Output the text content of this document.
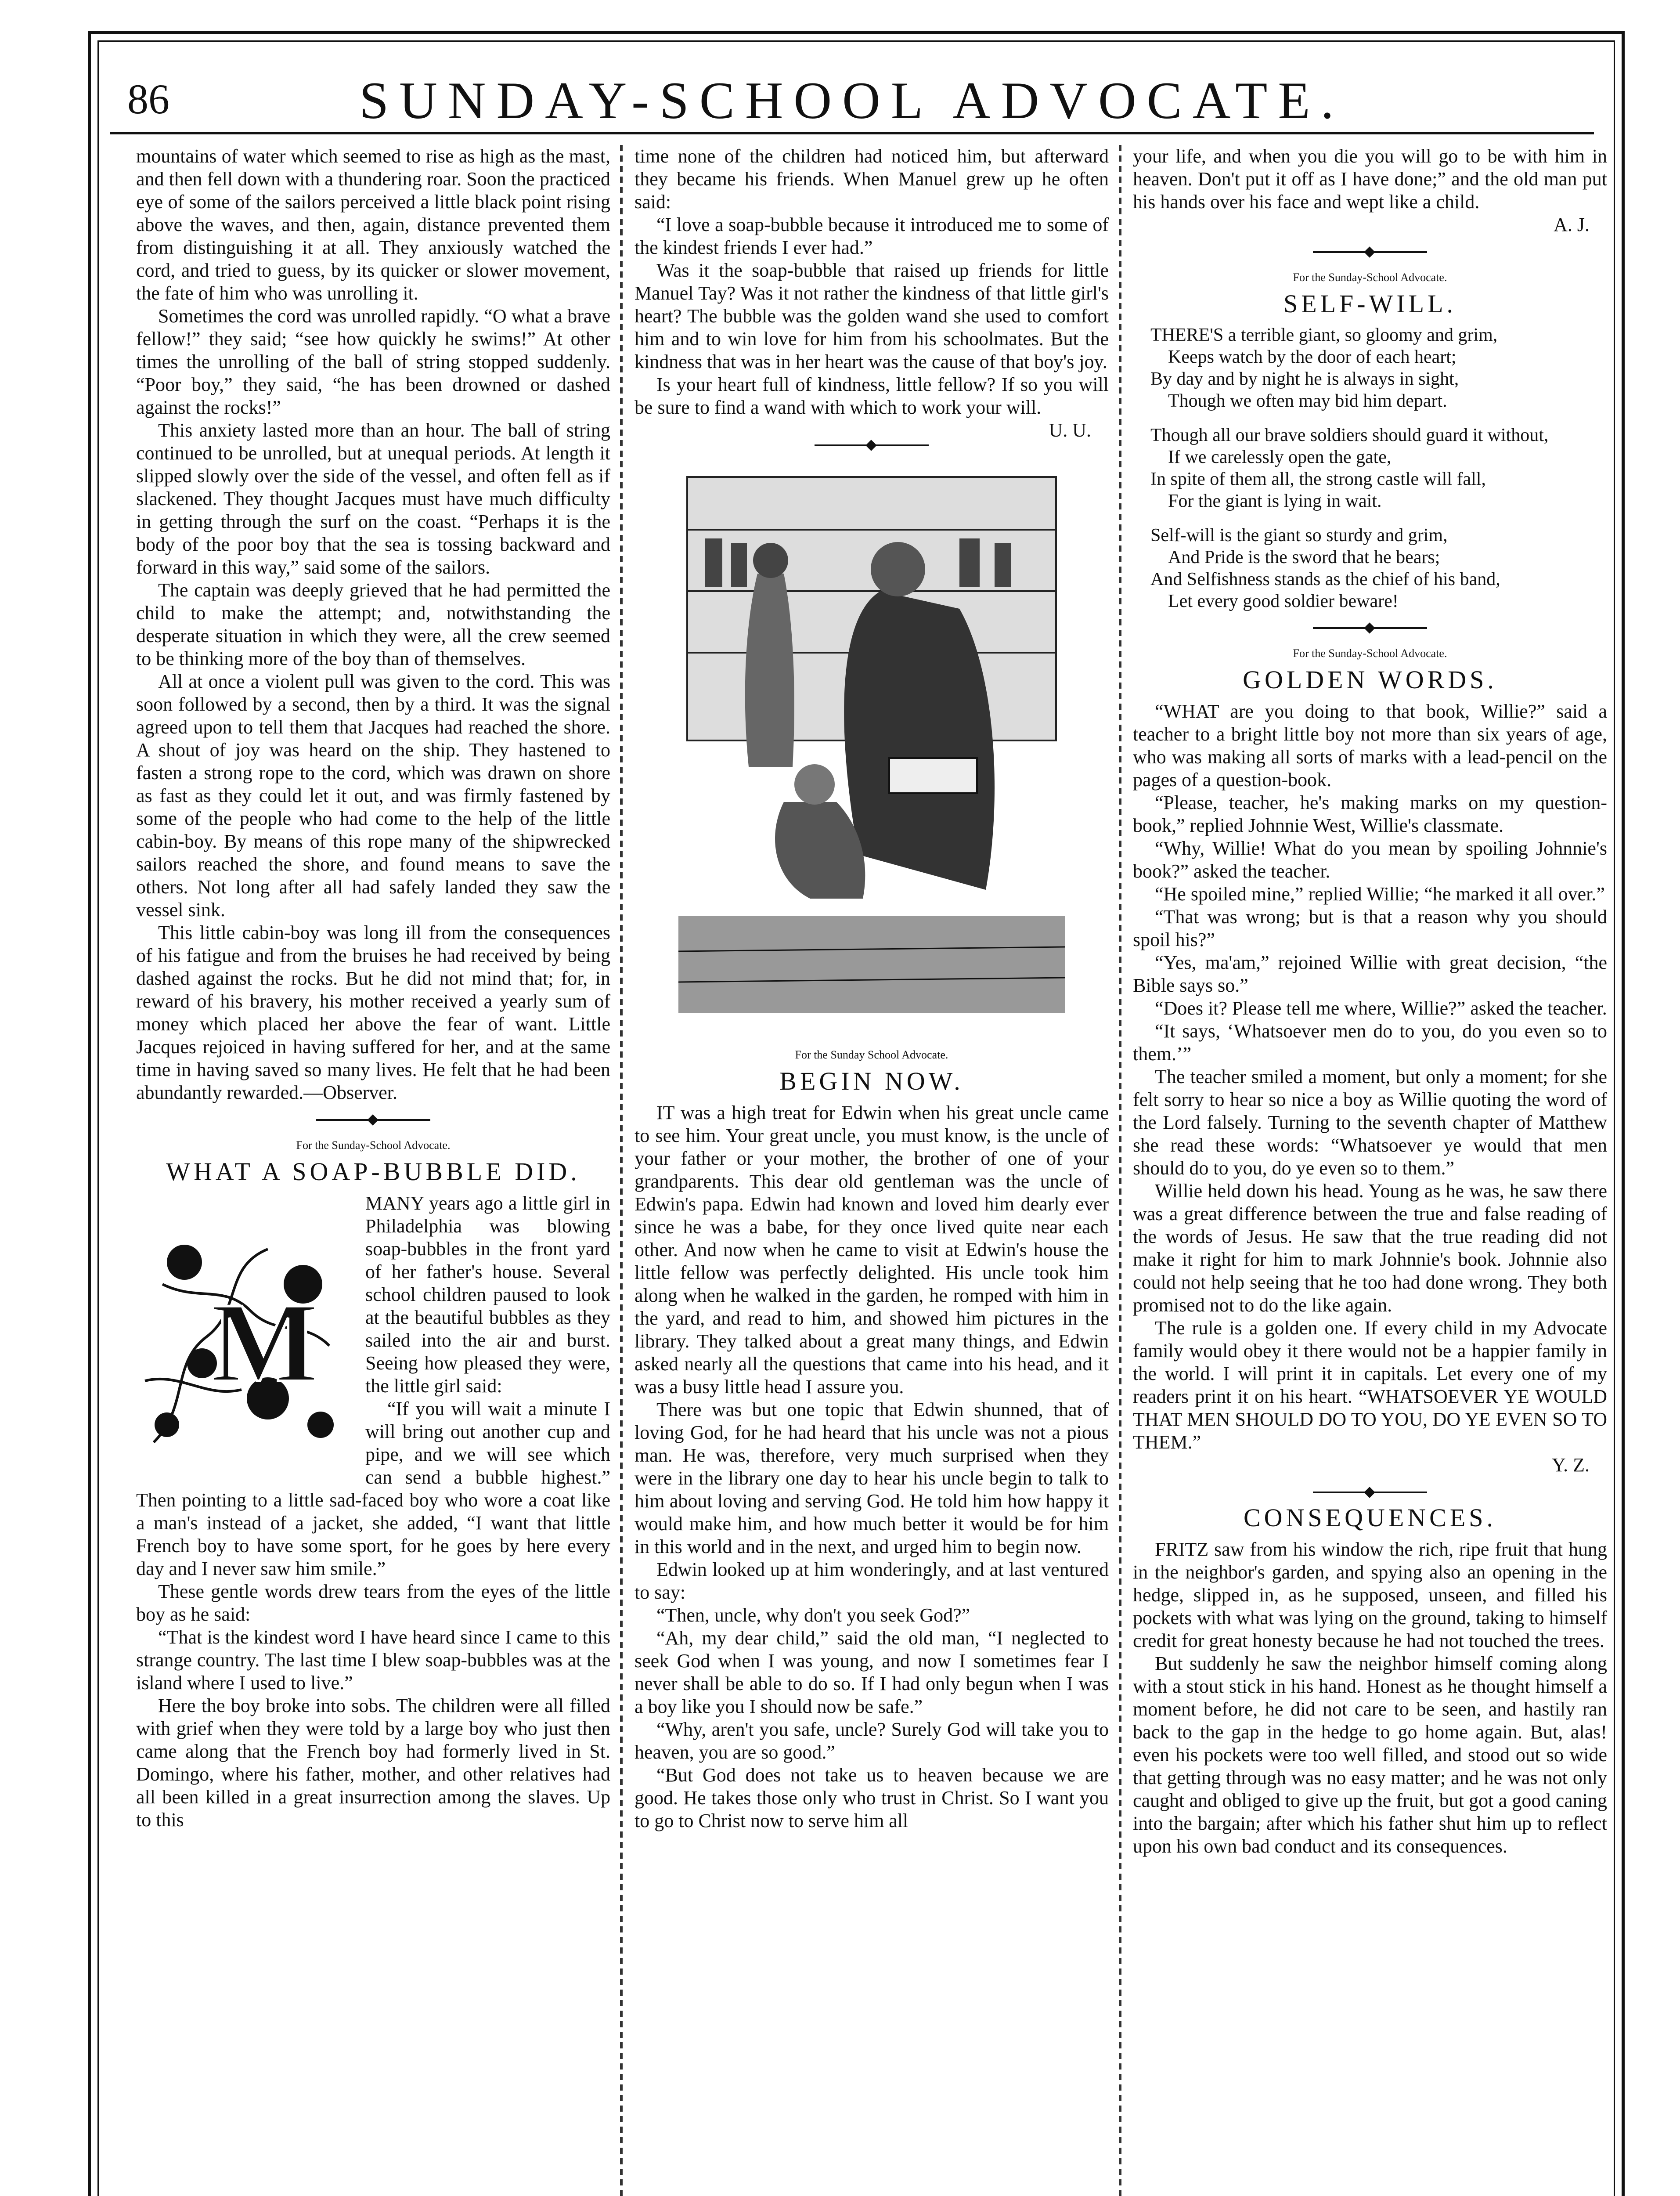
86	SUNDAY-SCHOOL ADVOCATE.

mountains of water which seemed to rise as high as the mast, and then fell down with a thundering roar. Soon the practiced eye of some of the sailors perceived a little black point rising above the waves, and then, again, distance prevented them from distinguishing it at all. They anxiously watched the cord, and tried to guess, by its quicker or slower movement, the fate of him who was unrolling it.

Sometimes the cord was unrolled rapidly. “O what a brave fellow!” they said; “see how quickly he swims!” At other times the unrolling of the ball of string stopped suddenly. “Poor boy,” they said, “he has been drowned or dashed against the rocks!”

This anxiety lasted more than an hour. The ball of string continued to be unrolled, but at unequal periods. At length it slipped slowly over the side of the vessel, and often fell as if slackened. They thought Jacques must have much difficulty in getting through the surf on the coast. “Perhaps it is the body of the poor boy that the sea is tossing backward and forward in this way,” said some of the sailors.

The captain was deeply grieved that he had permitted the child to make the attempt; and, notwithstanding the desperate situation in which they were, all the crew seemed to be thinking more of the boy than of themselves.

All at once a violent pull was given to the cord. This was soon followed by a second, then by a third. It was the signal agreed upon to tell them that Jacques had reached the shore. A shout of joy was heard on the ship. They hastened to fasten a strong rope to the cord, which was drawn on shore as fast as they could let it out, and was firmly fastened by some of the people who had come to the help of the little cabin-boy. By means of this rope many of the shipwrecked sailors reached the shore, and found means to save the others. Not long after all had safely landed they saw the vessel sink.

This little cabin-boy was long ill from the consequences of his fatigue and from the bruises he had received by being dashed against the rocks. But he did not mind that; for, in reward of his bravery, his mother received a yearly sum of money which placed her above the fear of want. Little Jacques rejoiced in having suffered for her, and at the same time in having saved so many lives. He felt that he had been abundantly rewarded.—Observer.

For the Sunday-School Advocate.
WHAT A SOAP-BUBBLE DID.
M

MANY years ago a little girl in Philadelphia was blowing soap-bubbles in the front yard of her father's house. Several school children paused to look at the beautiful bubbles as they sailed into the air and burst. Seeing how pleased they were, the little girl said:

“If you will wait a minute I will bring out another cup and pipe, and we will see which can send a bubble highest.” Then pointing to a little sad-faced boy who wore a coat like a man's instead of a jacket, she added, “I want that little French boy to have some sport, for he goes by here every day and I never saw him smile.”

These gentle words drew tears from the eyes of the little boy as he said:

“That is the kindest word I have heard since I came to this strange country. The last time I blew soap-bubbles was at the island where I used to live.”

Here the boy broke into sobs. The children were all filled with grief when they were told by a large boy who just then came along that the French boy had formerly lived in St. Domingo, where his father, mother, and other relatives had all been killed in a great insurrection among the slaves. Up to this

time none of the children had noticed him, but afterward they became his friends. When Manuel grew up he often said:

“I love a soap-bubble because it introduced me to some of the kindest friends I ever had.”

Was it the soap-bubble that raised up friends for little Manuel Tay? Was it not rather the kindness of that little girl's heart? The bubble was the golden wand she used to comfort him and to win love for him from his schoolmates. But the kindness that was in her heart was the cause of that boy's joy.

Is your heart full of kindness, little fellow? If so you will be sure to find a wand with which to work your will.

U. U.
For the Sunday School Advocate.
BEGIN NOW.

IT was a high treat for Edwin when his great uncle came to see him. Your great uncle, you must know, is the uncle of your father or your mother, the brother of one of your grandparents. This dear old gentleman was the uncle of Edwin's papa. Edwin had known and loved him dearly ever since he was a babe, for they once lived quite near each other. And now when he came to visit at Edwin's house the little fellow was perfectly delighted. His uncle took him along when he walked in the garden, he romped with him in the yard, and read to him, and showed him pictures in the library. They talked about a great many things, and Edwin asked nearly all the questions that came into his head, and it was a busy little head I assure you.

There was but one topic that Edwin shunned, that of loving God, for he had heard that his uncle was not a pious man. He was, therefore, very much surprised when they were in the library one day to hear his uncle begin to talk to him about loving and serving God. He told him how happy it would make him, and how much better it would be for him in this world and in the next, and urged him to begin now.

Edwin looked up at him wonderingly, and at last ventured to say:

“Then, uncle, why don't you seek God?”

“Ah, my dear child,” said the old man, “I neglected to seek God when I was young, and now I sometimes fear I never shall be able to do so. If I had only begun when I was a boy like you I should now be safe.”

“Why, aren't you safe, uncle? Surely God will take you to heaven, you are so good.”

“But God does not take us to heaven because we are good. He takes those only who trust in Christ. So I want you to go to Christ now to serve him all

your life, and when you die you will go to be with him in heaven. Don't put it off as I have done;” and the old man put his hands over his face and wept like a child.

A. J.
For the Sunday-School Advocate.
SELF-WILL.
THERE'S a terrible giant, so gloomy and grim,
Keeps watch by the door of each heart;
By day and by night he is always in sight,
Though we often may bid him depart.
Though all our brave soldiers should guard it without,
If we carelessly open the gate,
In spite of them all, the strong castle will fall,
For the giant is lying in wait.
Self-will is the giant so sturdy and grim,
And Pride is the sword that he bears;
And Selfishness stands as the chief of his band,
Let every good soldier beware!
For the Sunday-School Advocate.
GOLDEN WORDS.

“WHAT are you doing to that book, Willie?” said a teacher to a bright little boy not more than six years of age, who was making all sorts of marks with a lead-pencil on the pages of a question-book.

“Please, teacher, he's making marks on my question-book,” replied Johnnie West, Willie's classmate.

“Why, Willie! What do you mean by spoiling Johnnie's book?” asked the teacher.

“He spoiled mine,” replied Willie; “he marked it all over.”

“That was wrong; but is that a reason why you should spoil his?”

“Yes, ma'am,” rejoined Willie with great decision, “the Bible says so.”

“Does it? Please tell me where, Willie?” asked the teacher.

“It says, ‘Whatsoever men do to you, do you even so to them.’”

The teacher smiled a moment, but only a moment; for she felt sorry to hear so nice a boy as Willie quoting the word of the Lord falsely. Turning to the seventh chapter of Matthew she read these words: “Whatsoever ye would that men should do to you, do ye even so to them.”

Willie held down his head. Young as he was, he saw there was a great difference between the true and false reading of the words of Jesus. He saw that the true reading did not make it right for him to mark Johnnie's book. Johnnie also could not help seeing that he too had done wrong. They both promised not to do the like again.

The rule is a golden one. If every child in my Advocate family would obey it there would not be a happier family in the world. I will print it in capitals. Let every one of my readers print it on his heart. “WHATSOEVER YE WOULD THAT MEN SHOULD DO TO YOU, DO YE EVEN SO TO THEM.”

Y. Z.
CONSEQUENCES.

FRITZ saw from his window the rich, ripe fruit that hung in the neighbor's garden, and spying also an opening in the hedge, slipped in, as he supposed, unseen, and filled his pockets with what was lying on the ground, taking to himself credit for great honesty because he had not touched the trees.

But suddenly he saw the neighbor himself coming along with a stout stick in his hand. Honest as he thought himself a moment before, he did not care to be seen, and hastily ran back to the gap in the hedge to go home again. But, alas! even his pockets were too well filled, and stood out so wide that getting through was no easy matter; and he was not only caught and obliged to give up the fruit, but got a good caning into the bargain; after which his father shut him up to reflect upon his own bad conduct and its consequences.
